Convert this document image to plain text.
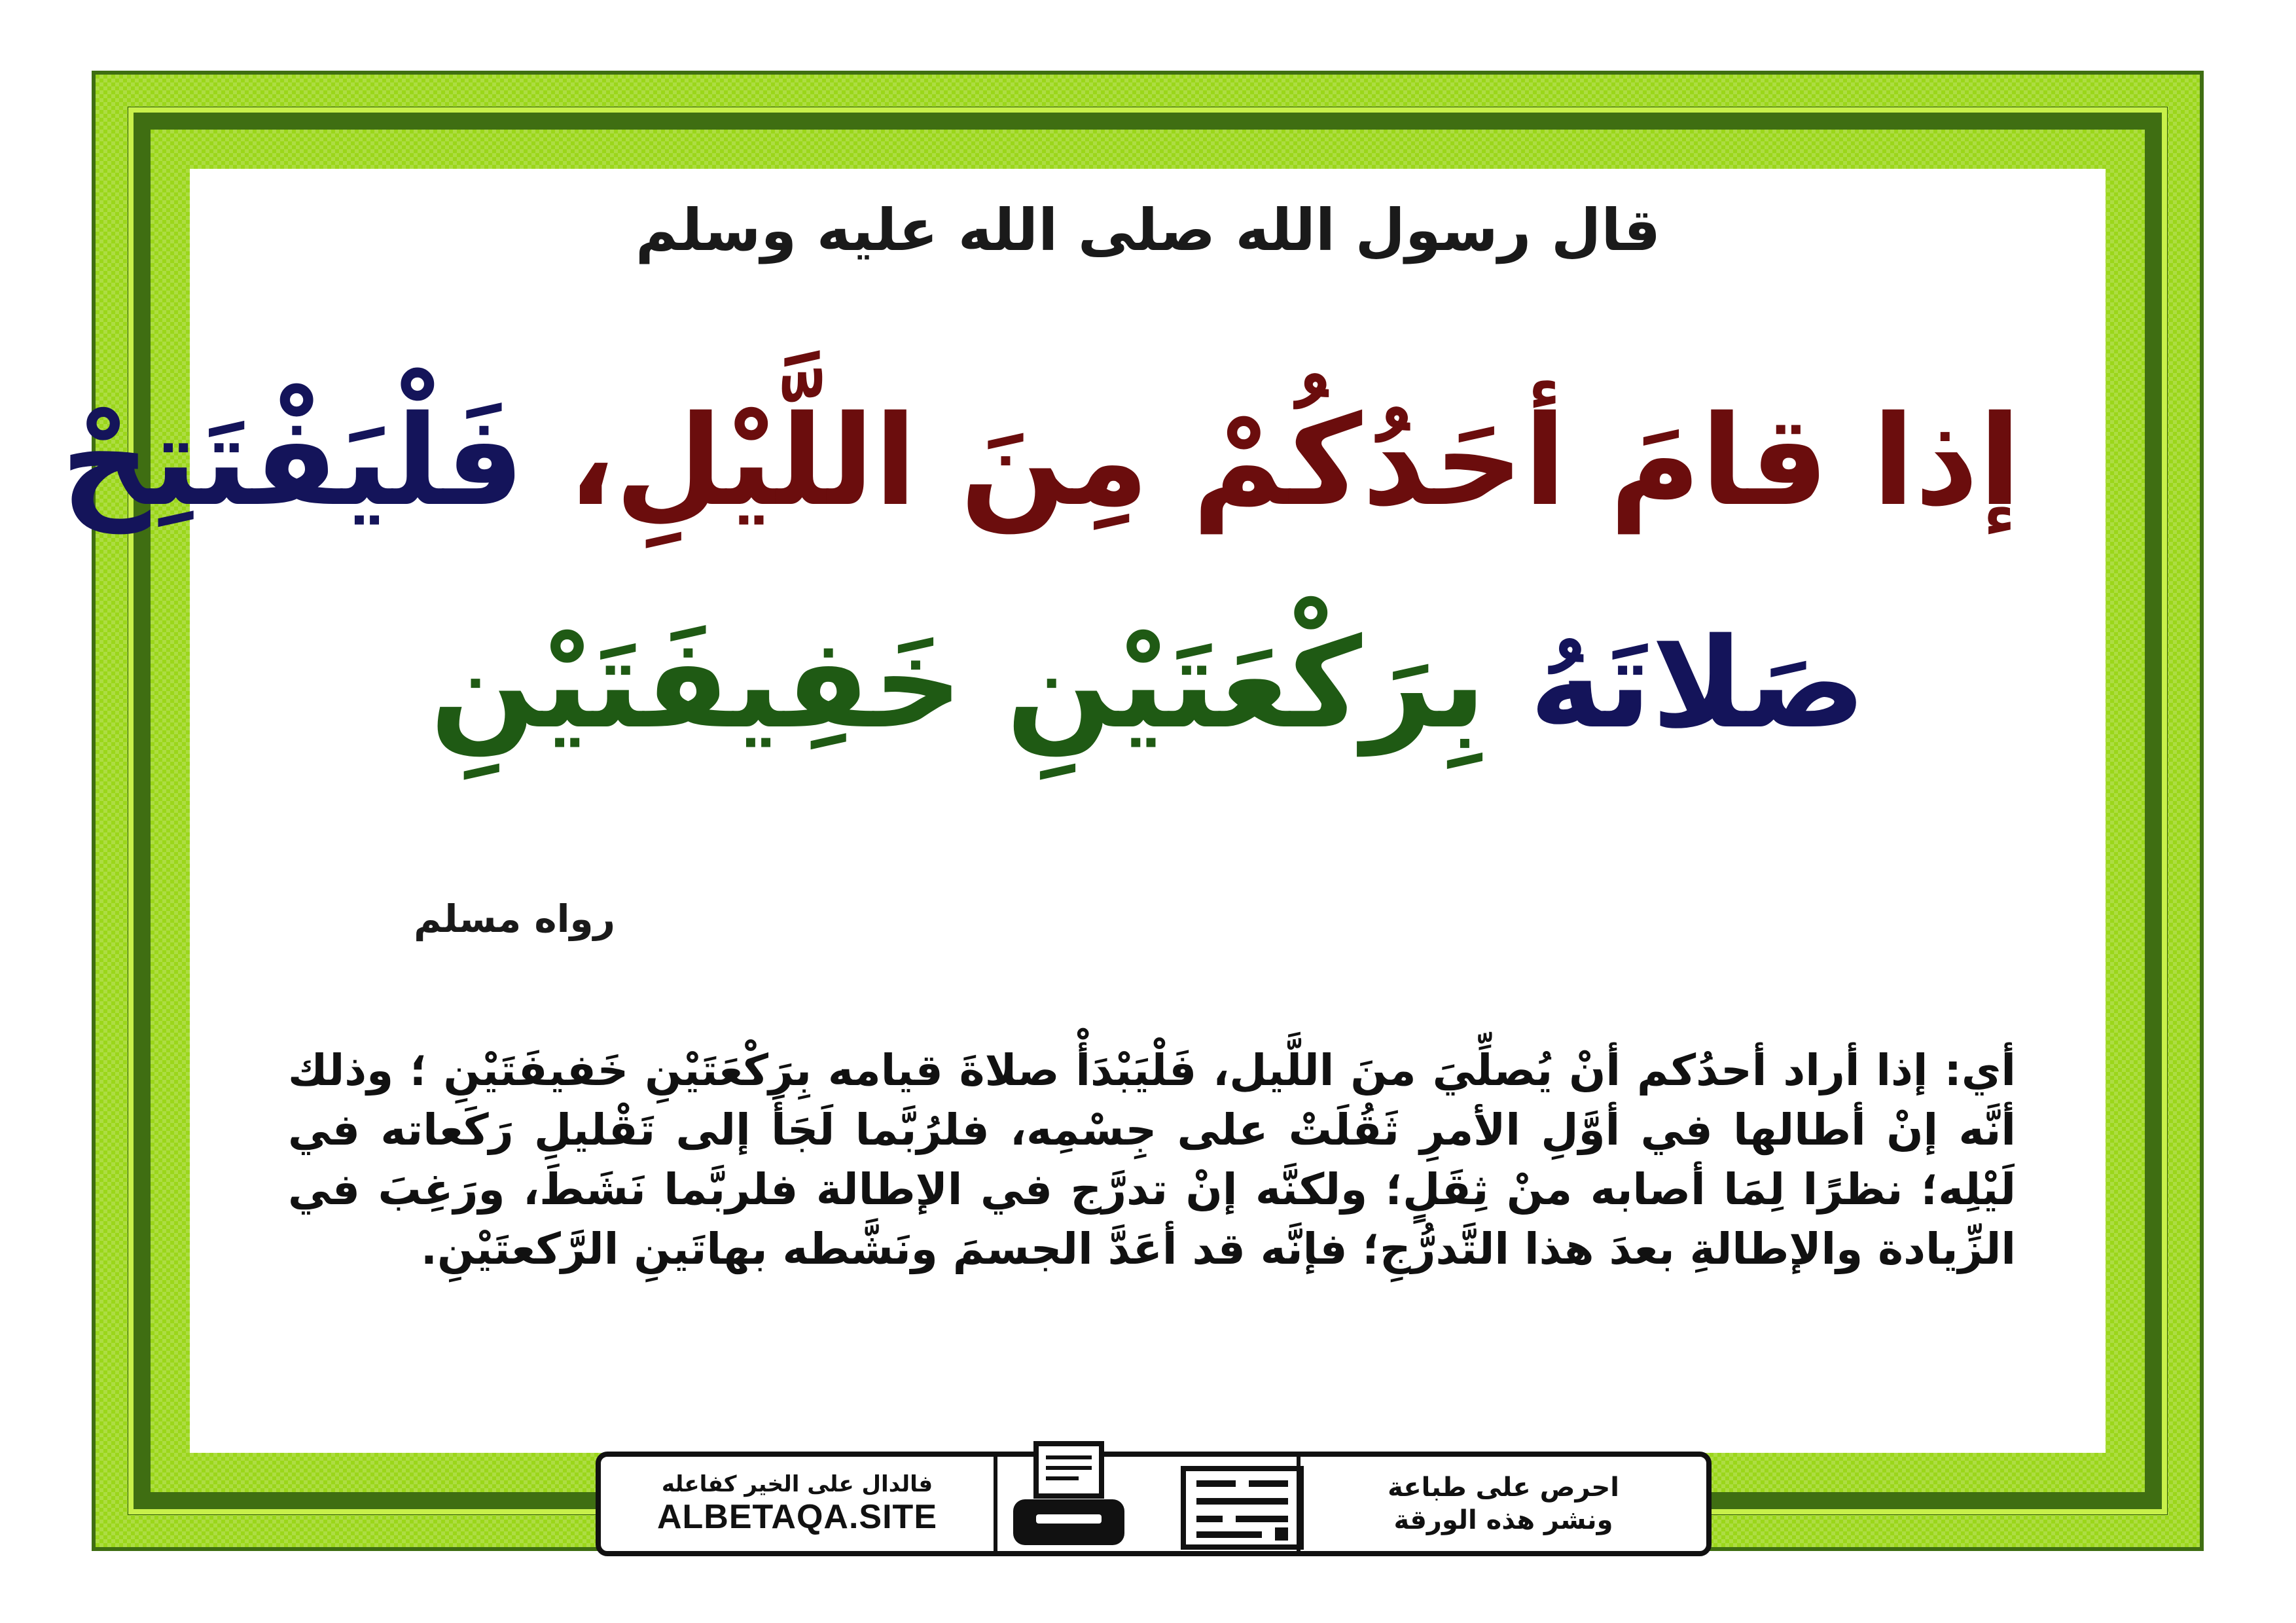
قال رسول الله صلى الله عليه وسلم
إذا قامَ أحَدُكُمْ مِنَ اللَّيْلِ، فَلْيَفْتَتِحْ
صَلاتَهُ بِرَكْعَتَيْنِ خَفِيفَتَيْنِ
رواه مسلم
أي: إذا أراد أحدُكم أنْ يُصلِّيَ منَ اللَّيل، فَلْيَبْدَأْ صلاةَ قيامه بِرَكْعَتَيْنِ خَفيفَتَيْنِ ؛ وذلك أنَّه إنْ أطالها في أوَّلِ الأمرِ ثَقُلَتْ على جِسْمِه، فلرُبَّما لَجَأَ إلى تَقْليلِ رَكَعاته في لَيْلِه؛ نظرًا لِمَا أصابه منْ ثِقَلٍ؛ ولكنَّه إنْ تدرَّج في الإطالة فلربَّما نَشَطَ، ورَغِبَ في الزِّيادة والإطالةِ بعدَ هذا التَّدرُّجِ؛ فإنَّه قد أعَدَّ الجسمَ ونَشَّطه بهاتَينِ الرَّكعتَيْنِ.
احرص على طباعة
ونشر هذه الورقة
فالدال على الخير كفاعله
ALBETAQA.SITE
